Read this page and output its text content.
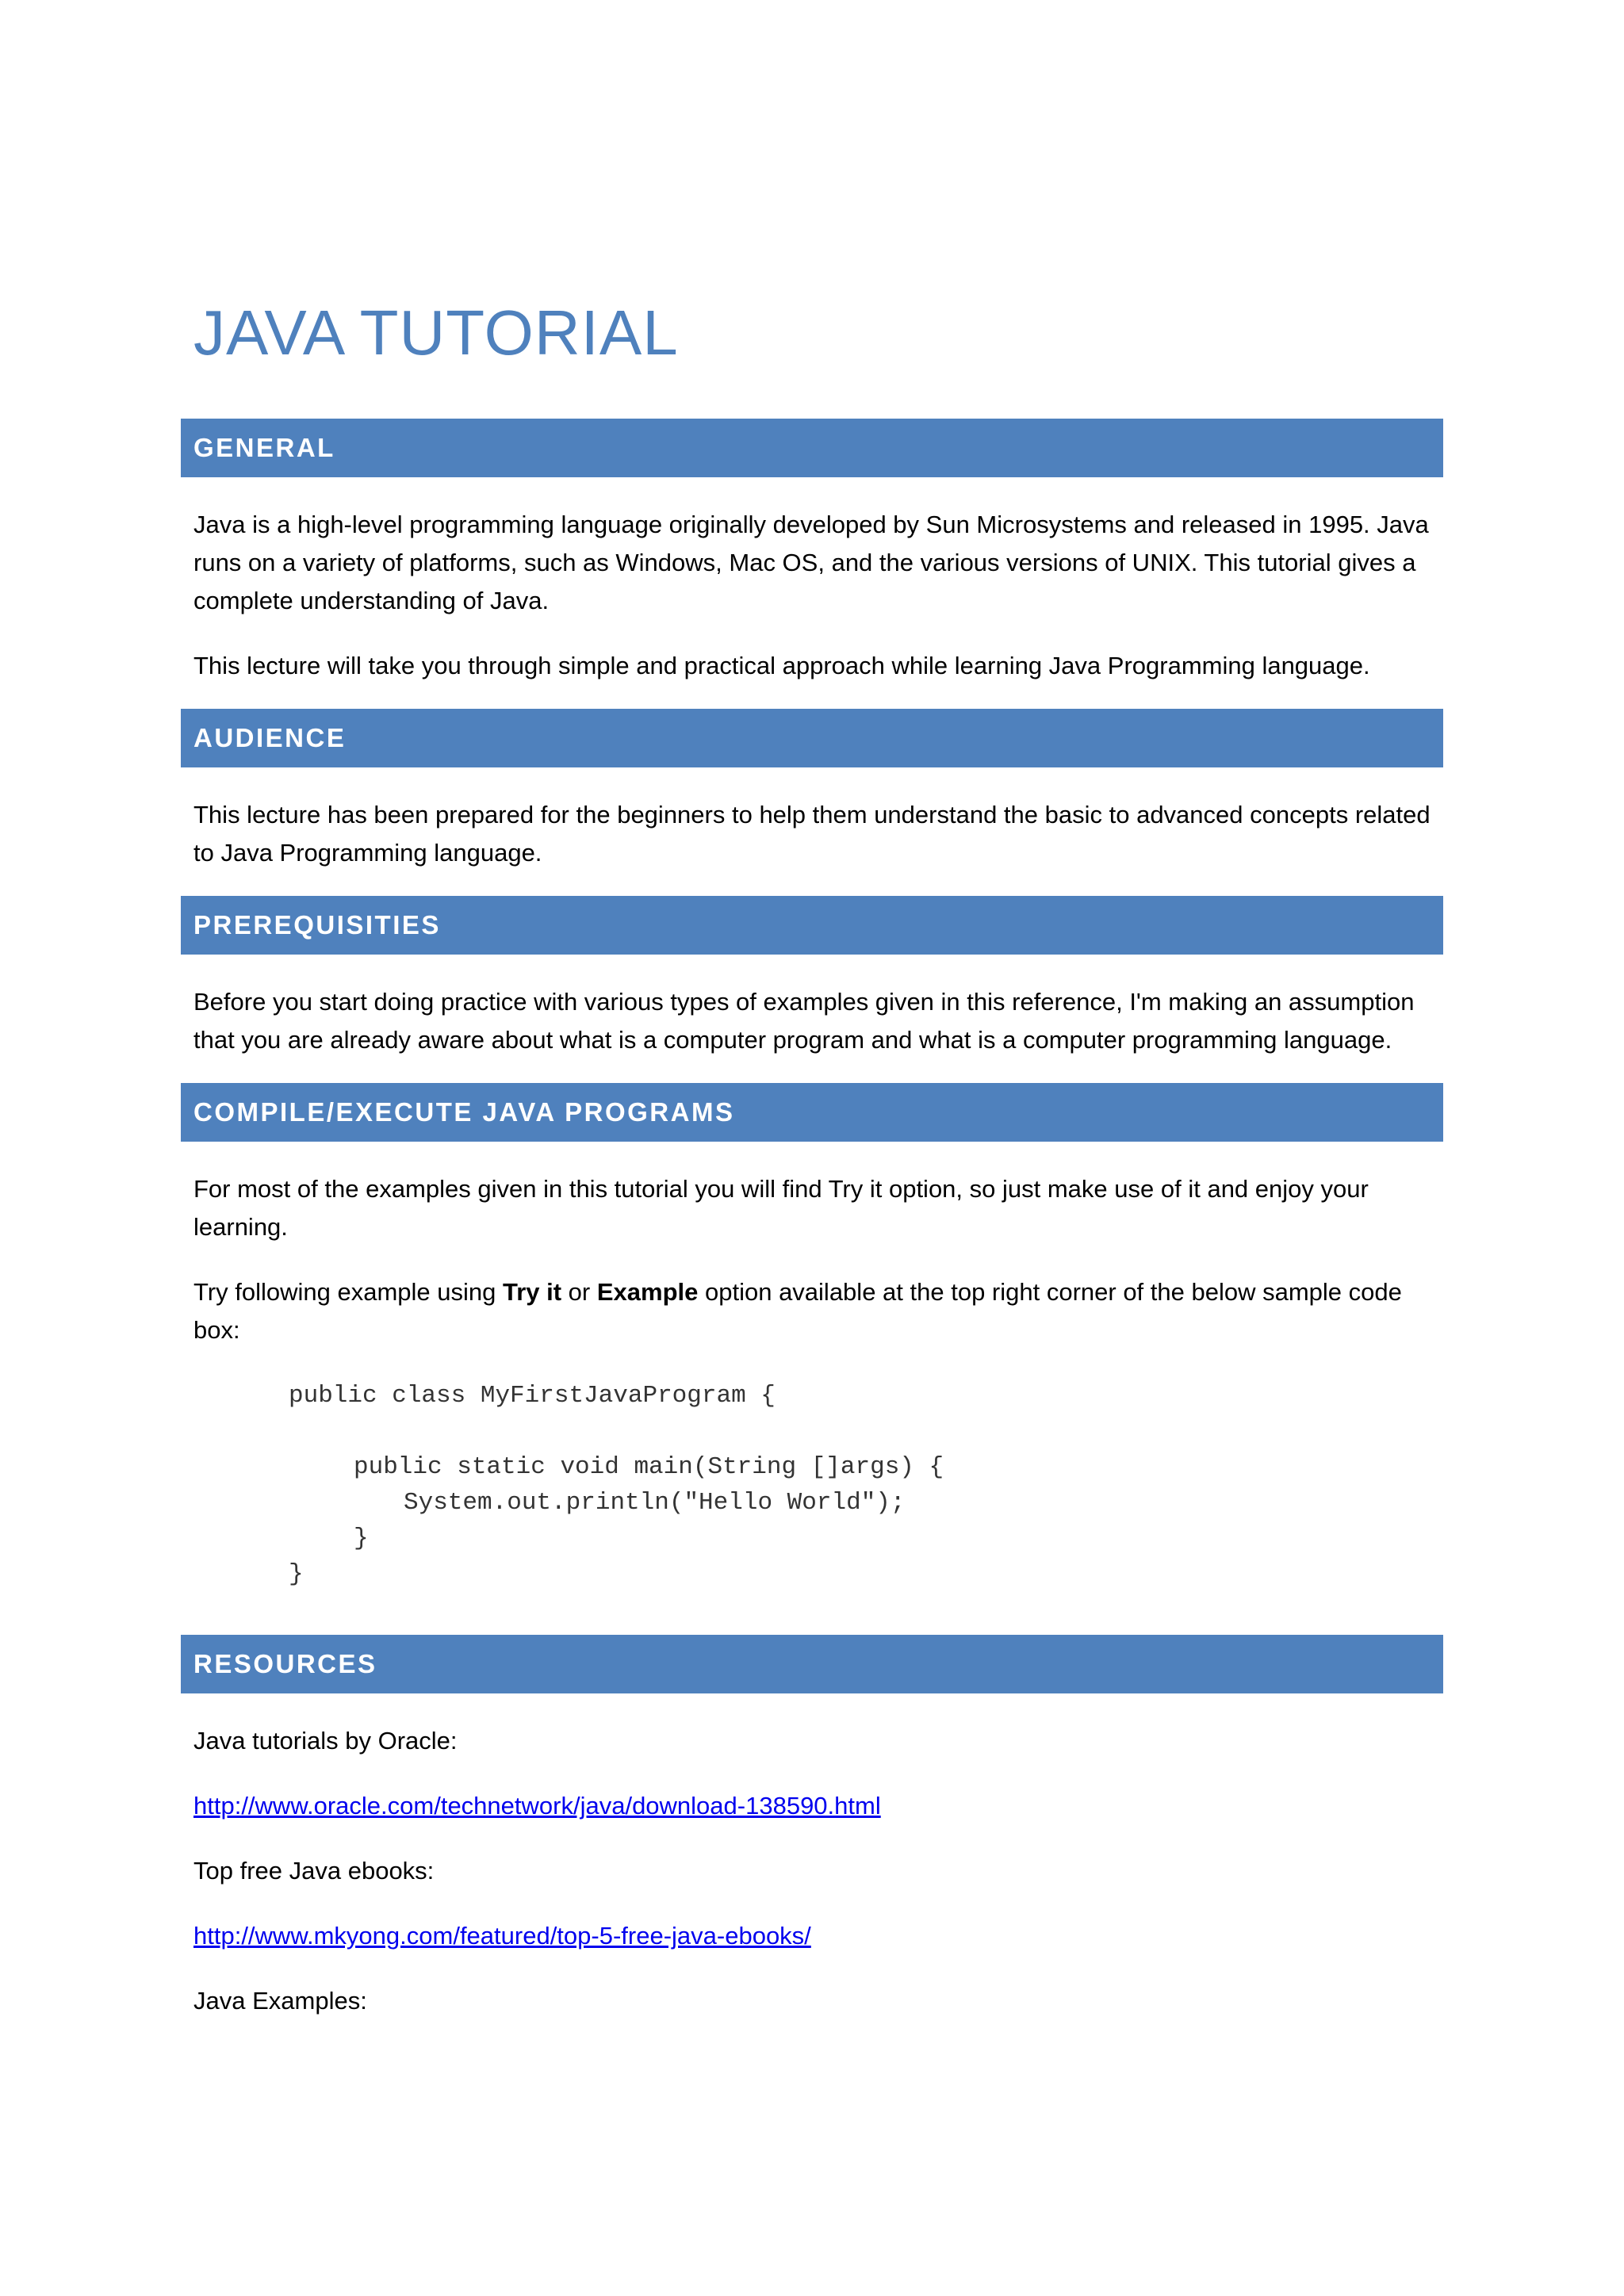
JAVA TUTORIAL
GENERAL

Java is a high-level programming language originally developed by Sun Microsystems and released in 1995. Java runs on a variety of platforms, such as Windows, Mac OS, and the various versions of UNIX. This tutorial gives a complete understanding of Java.

This lecture will take you through simple and practical approach while learning Java Programming language.

AUDIENCE

This lecture has been prepared for the beginners to help them understand the basic to advanced concepts related to Java Programming language.

PREREQUISITIES

Before you start doing practice with various types of examples given in this reference, I'm making an assumption that you are already aware about what is a computer program and what is a computer programming language.

COMPILE/EXECUTE JAVA PROGRAMS

For most of the examples given in this tutorial you will find Try it option, so just make use of it and enjoy your learning.

Try following example using Try it or Example option available at the top right corner of the below sample code box:

public class MyFirstJavaProgram {
public static void main(String []args) {
System.out.println("Hello World");
}
}
RESOURCES

Java tutorials by Oracle:

http://www.oracle.com/technetwork/java/download-138590.html

Top free Java ebooks:

http://www.mkyong.com/featured/top-5-free-java-ebooks/

Java Examples:
